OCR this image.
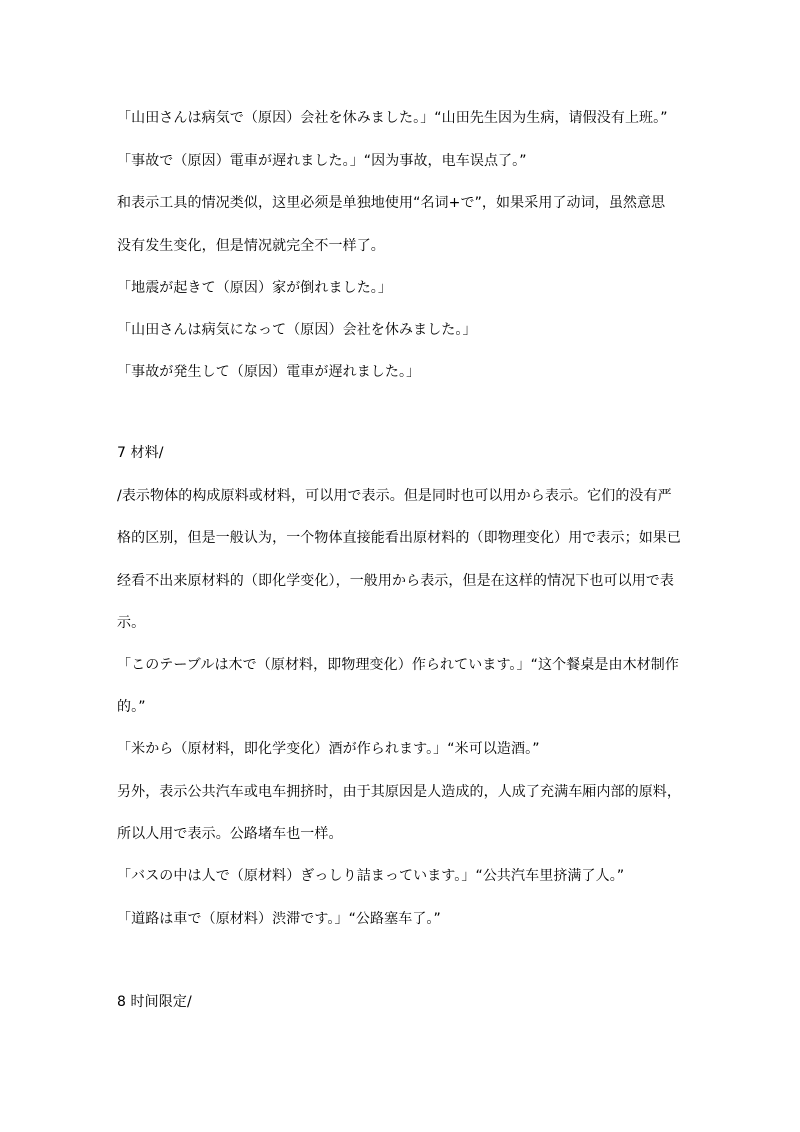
「山田さんは病気で（原因）会社を休みました。」“山田先生因为生病，请假没有上班。”
「事故で（原因）電車が遅れました。」“因为事故，电车误点了。”
和表示工具的情况类似，这里必须是单独地使用“名词+で”，如果采用了动词，虽然意思
没有发生变化，但是情况就完全不一样了。
「地震が起きて（原因）家が倒れました。」
「山田さんは病気になって（原因）会社を休みました。」
「事故が発生して（原因）電車が遅れました。」
7 材料/
/表示物体的构成原料或材料，可以用で表示。但是同时也可以用から表示。它们的没有严
格的区别，但是一般认为，一个物体直接能看出原材料的（即物理变化）用で表示；如果已
经看不出来原材料的（即化学变化），一般用から表示，但是在这样的情况下也可以用で表
示。
「このテーブルは木で（原材料，即物理变化）作られています。」“这个餐桌是由木材制作
的。”
「米から（原材料，即化学变化）酒が作られます。」“米可以造酒。”
另外，表示公共汽车或电车拥挤时，由于其原因是人造成的，人成了充满车厢内部的原料，
所以人用で表示。公路堵车也一样。
「バスの中は人で（原材料）ぎっしり詰まっています。」“公共汽车里挤满了人。”
「道路は車で（原材料）渋滞です。」“公路塞车了。”
8 时间限定/
